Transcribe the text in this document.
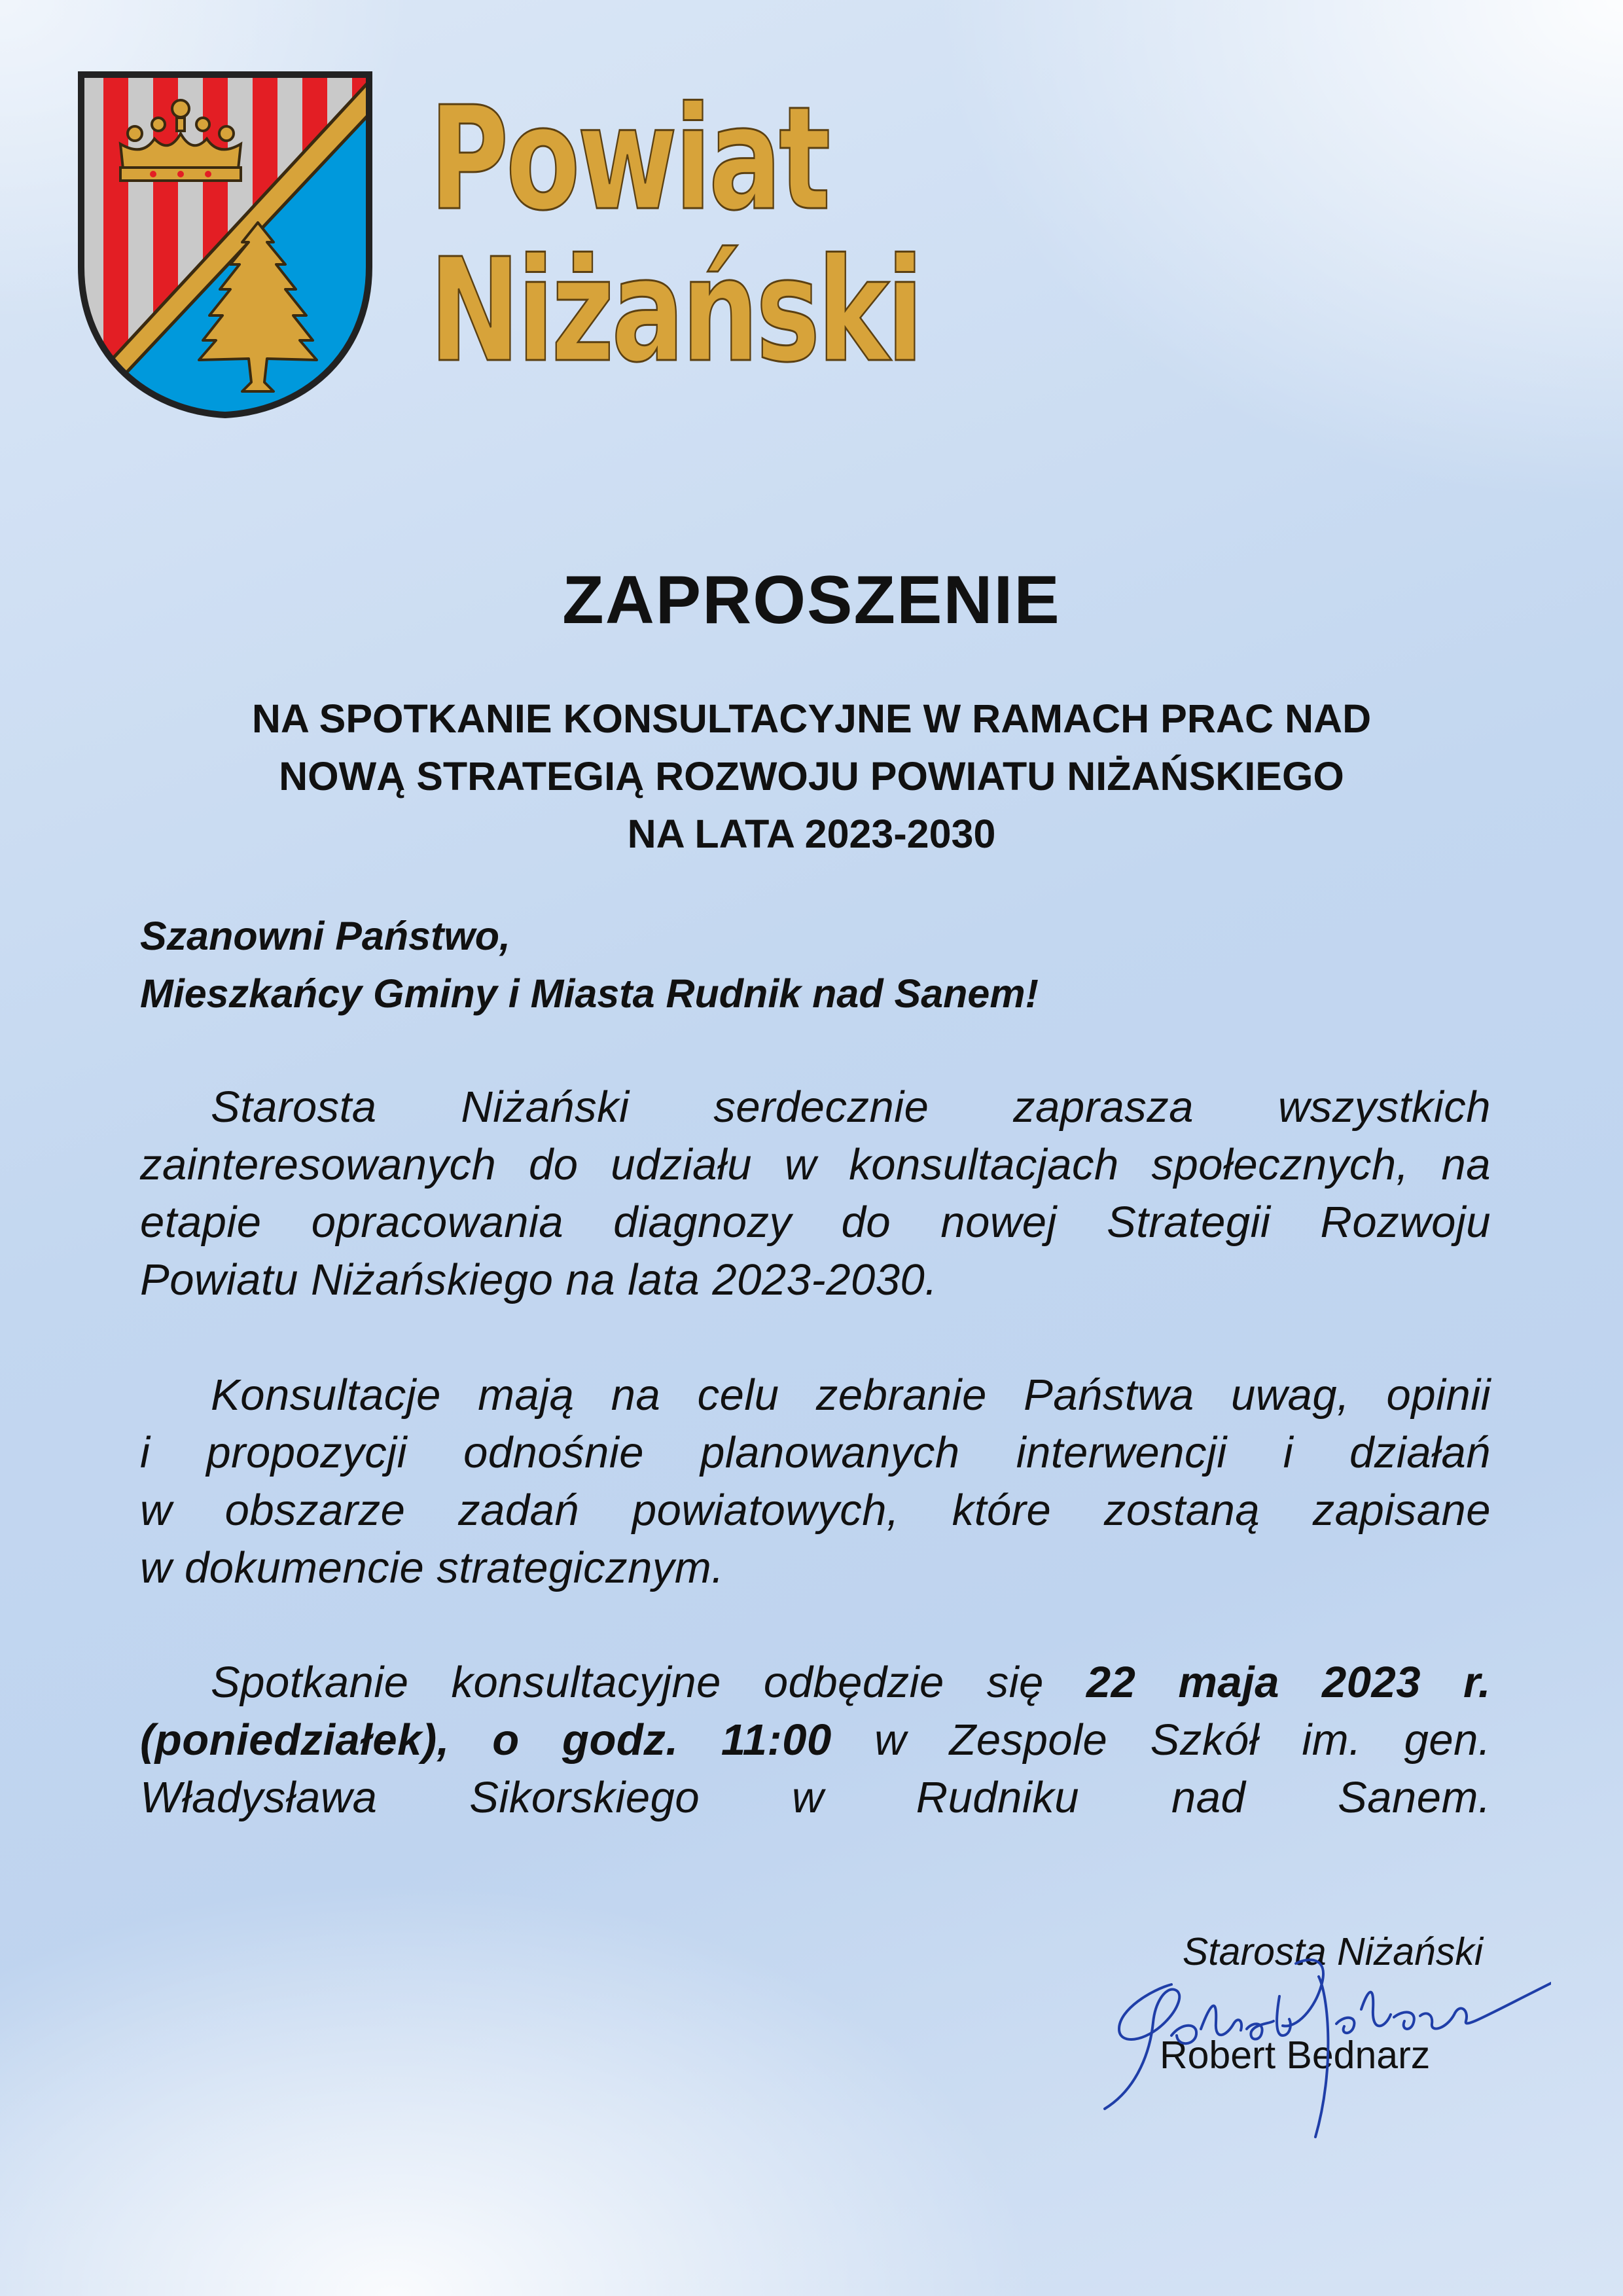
Powiat
Niżański
ZAPROSZENIE
NA SPOTKANIE KONSULTACYJNE W RAMACH PRAC NAD
NOWĄ STRATEGIĄ ROZWOJU POWIATU NIŻAŃSKIEGO
NA LATA 2023-2030
Szanowni Państwo,
Mieszkańcy Gminy i Miasta Rudnik nad Sanem!
Starosta Niżański serdecznie zaprasza wszystkich
zainteresowanych do udziału w konsultacjach społecznych, na
etapie opracowania diagnozy do nowej Strategii Rozwoju
Powiatu Niżańskiego na lata 2023-2030.
Konsultacje mają na celu zebranie Państwa uwag, opinii
i propozycji odnośnie planowanych interwencji i działań
w obszarze zadań powiatowych, które zostaną zapisane
w dokumencie strategicznym.
Spotkanie konsultacyjne odbędzie się 22 maja 2023 r.
(poniedziałek), o godz. 11:00 w Zespole Szkół im. gen.
Władysława Sikorskiego w Rudniku nad Sanem.
Starosta Niżański
Robert Bednarz
